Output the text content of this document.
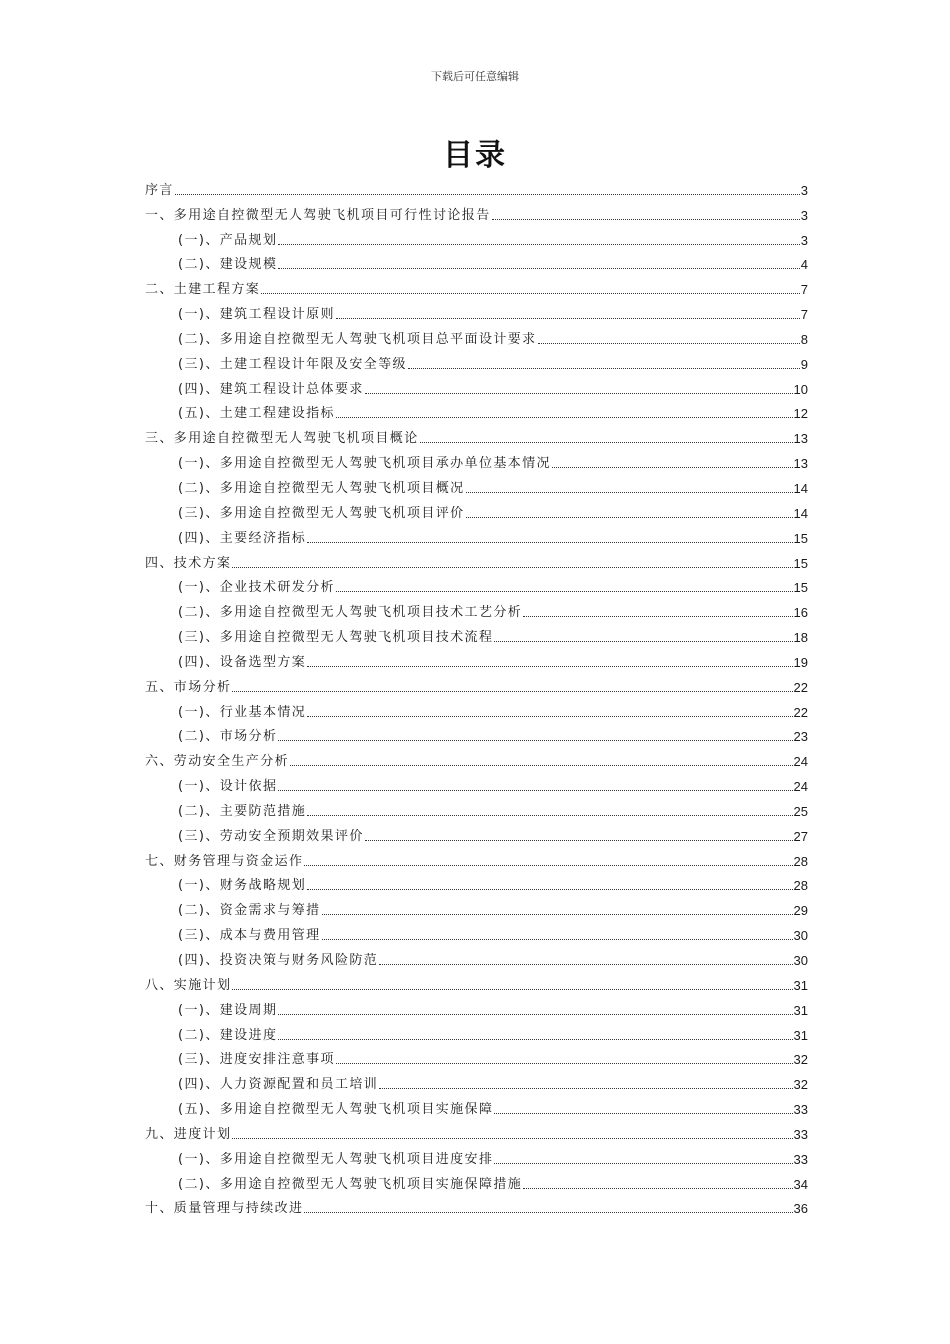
下载后可任意编辑
目录
序言	3
一、多用途自控微型无人驾驶飞机项目可行性讨论报告	3
(一)、产品规划	3
(二)、建设规模	4
二、土建工程方案	7
(一)、建筑工程设计原则	7
(二)、多用途自控微型无人驾驶飞机项目总平面设计要求	8
(三)、土建工程设计年限及安全等级	9
(四)、建筑工程设计总体要求	10
(五)、土建工程建设指标	12
三、多用途自控微型无人驾驶飞机项目概论	13
(一)、多用途自控微型无人驾驶飞机项目承办单位基本情况	13
(二)、多用途自控微型无人驾驶飞机项目概况	14
(三)、多用途自控微型无人驾驶飞机项目评价	14
(四)、主要经济指标	15
四、技术方案	15
(一)、企业技术研发分析	15
(二)、多用途自控微型无人驾驶飞机项目技术工艺分析	16
(三)、多用途自控微型无人驾驶飞机项目技术流程	18
(四)、设备选型方案	19
五、市场分析	22
(一)、行业基本情况	22
(二)、市场分析	23
六、劳动安全生产分析	24
(一)、设计依据	24
(二)、主要防范措施	25
(三)、劳动安全预期效果评价	27
七、财务管理与资金运作	28
(一)、财务战略规划	28
(二)、资金需求与筹措	29
(三)、成本与费用管理	30
(四)、投资决策与财务风险防范	30
八、实施计划	31
(一)、建设周期	31
(二)、建设进度	31
(三)、进度安排注意事项	32
(四)、人力资源配置和员工培训	32
(五)、多用途自控微型无人驾驶飞机项目实施保障	33
九、进度计划	33
(一)、多用途自控微型无人驾驶飞机项目进度安排	33
(二)、多用途自控微型无人驾驶飞机项目实施保障措施	34
十、质量管理与持续改进	36
